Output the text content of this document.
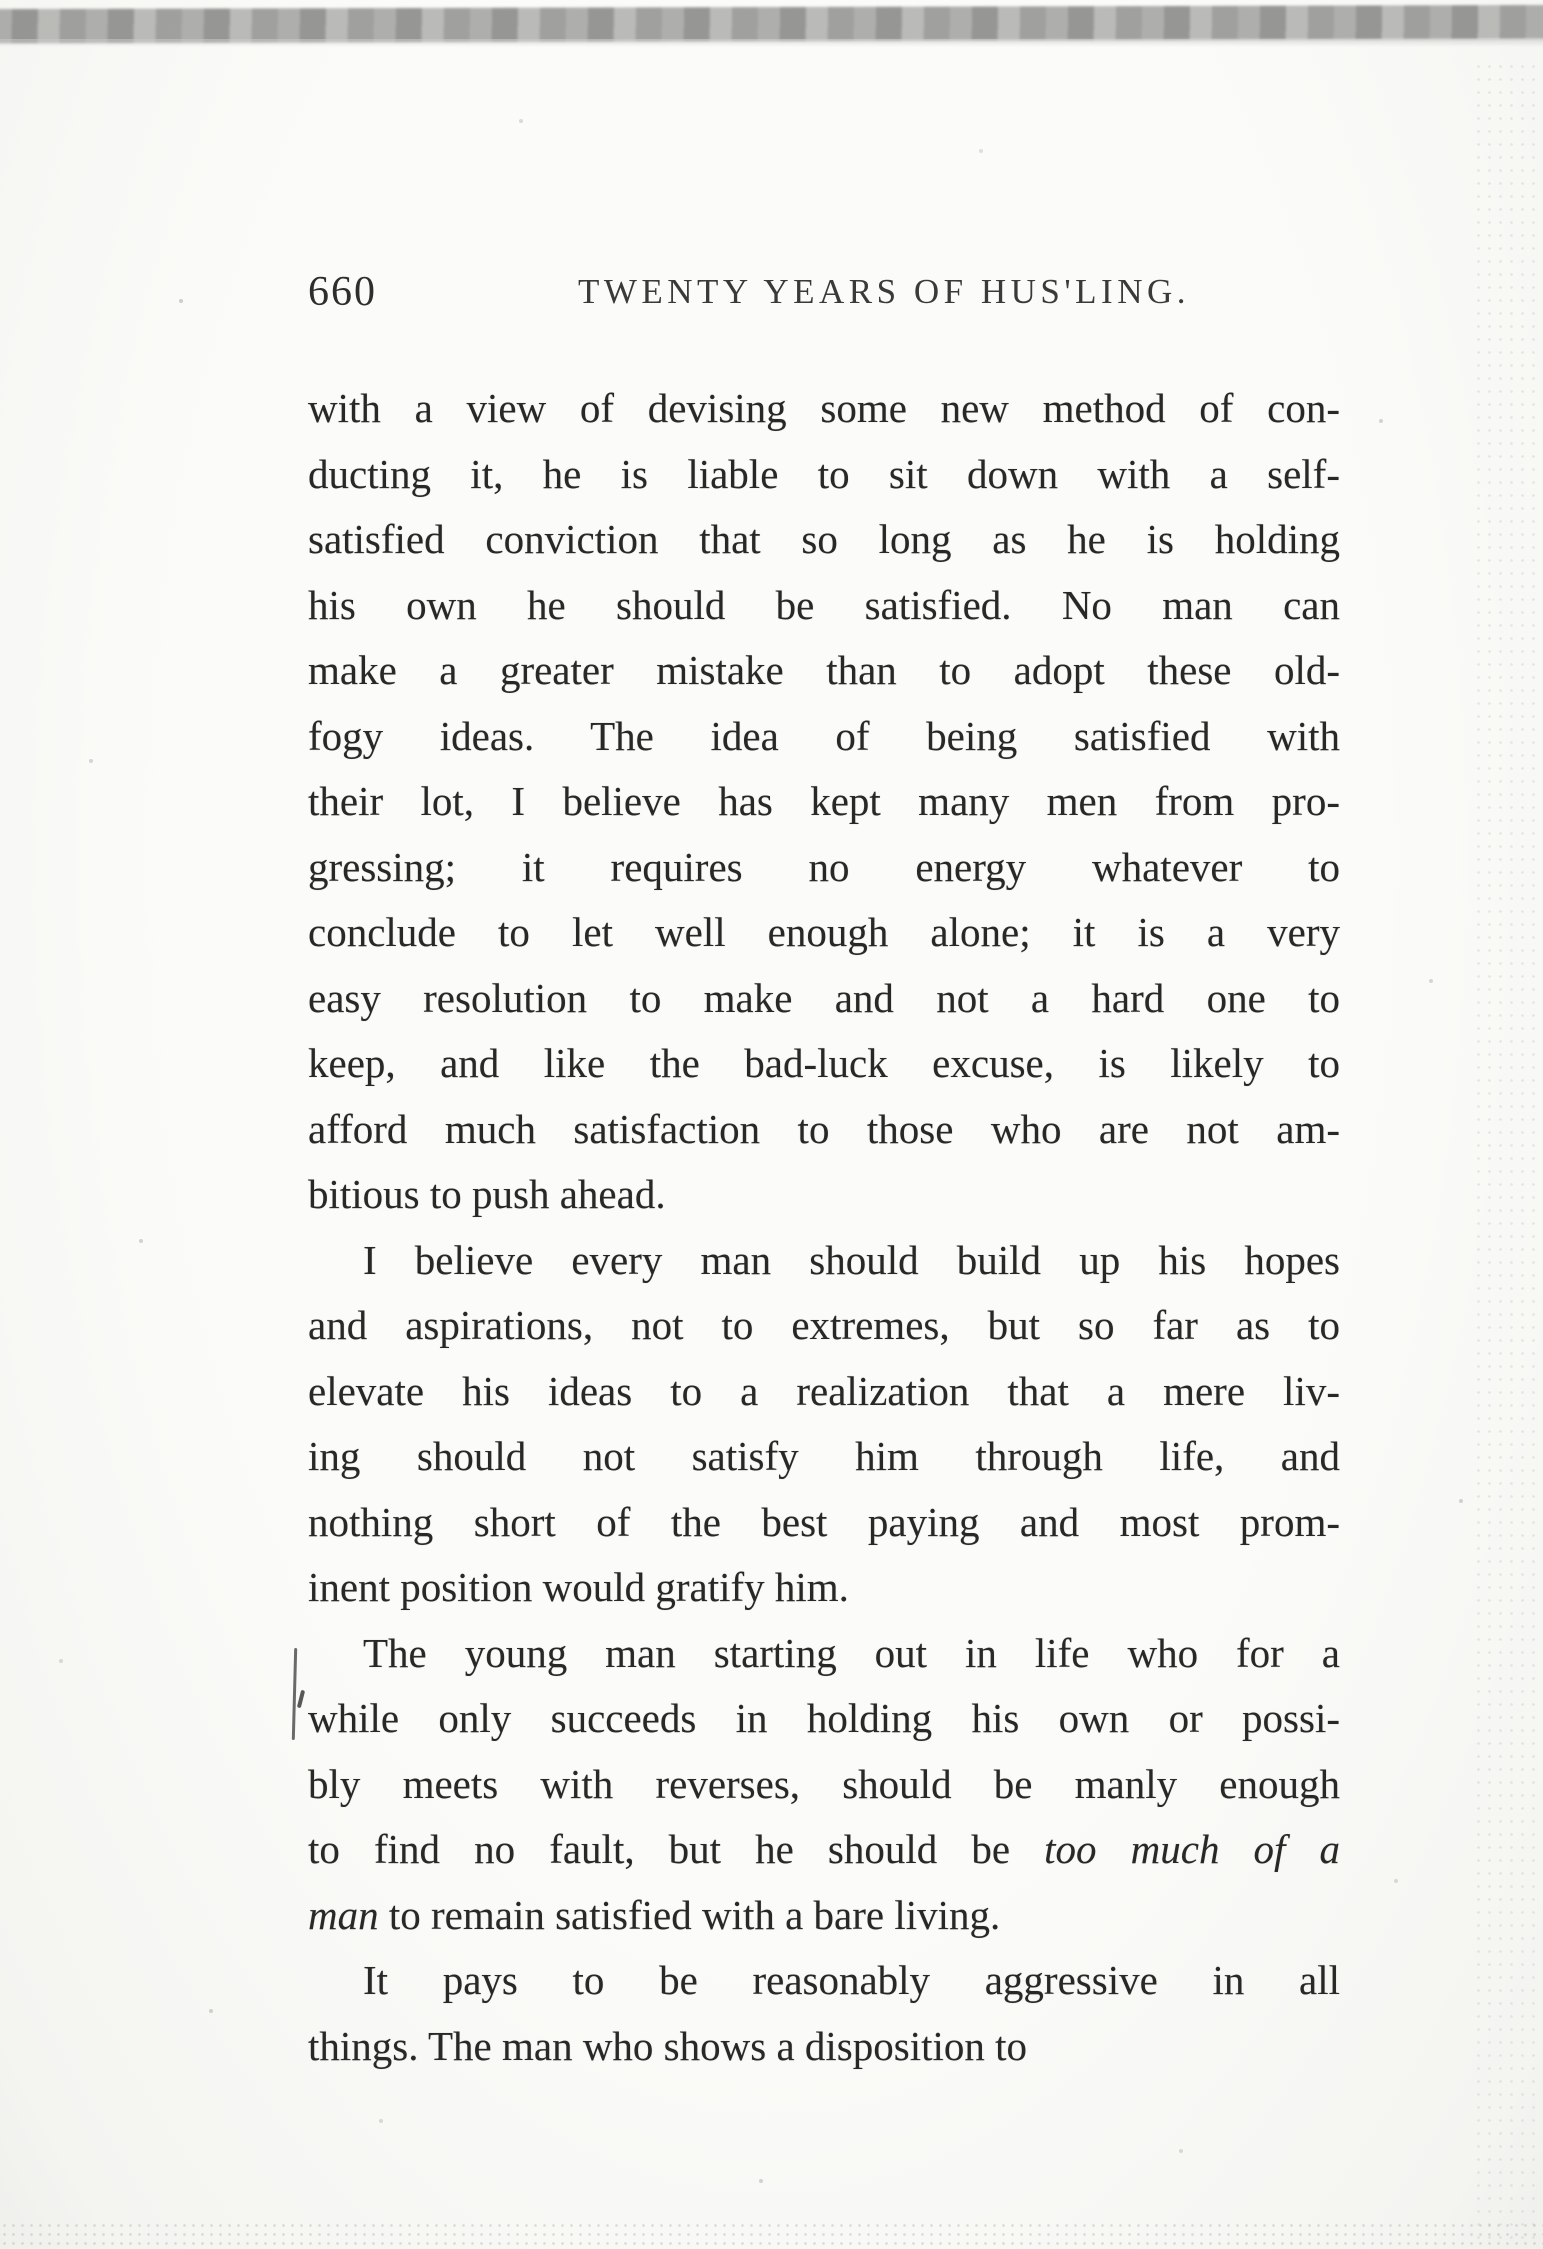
660	TWENTY YEARS OF HUS'LING.
with a view of devising some new method of con-
ducting it, he is liable to sit down with a self-
satisfied conviction that so long as he is holding
his own he should be satisfied. No man can
make a greater mistake than to adopt these old-
fogy ideas. The idea of being satisfied with
their lot, I believe has kept many men from pro-
gressing; it requires no energy whatever to
conclude to let well enough alone; it is a very
easy resolution to make and not a hard one to
keep, and like the bad-luck excuse, is likely to
afford much satisfaction to those who are not am-
bitious to push ahead.
I believe every man should build up his hopes
and aspirations, not to extremes, but so far as to
elevate his ideas to a realization that a mere liv-
ing should not satisfy him through life, and
nothing short of the best paying and most prom-
inent position would gratify him.
The young man starting out in life who for a
while only succeeds in holding his own or possi-
bly meets with reverses, should be manly enough
to find no fault, but he should be too much of a
man to remain satisfied with a bare living.
It pays to be reasonably aggressive in all
things. The man who shows a disposition to
